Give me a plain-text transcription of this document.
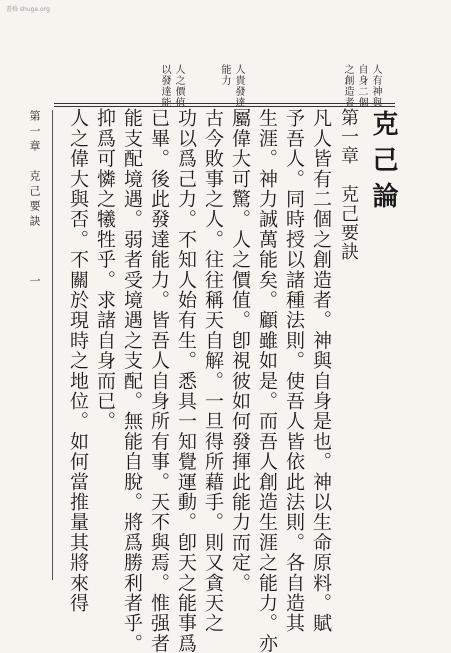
書格 shuge.org
人有神與
自身二個
之創造者
人貴發達
能力
人之價值
以發達能
克己論
第一章　克己要訣
凡人皆有二個之創造者。神與自身是也。神以生命原料。賦
予吾人。同時授以諸種法則。使吾人皆依此法則。各自造其
生涯。神力誠萬能矣。顧雖如是。而吾人創造生涯之能力。亦
屬偉大可驚。人之價值。卽視彼如何發揮此能力而定。
古今敗事之人。往往稱天自解。一旦得所藉手。則又貪天之
功以爲己力。不知人始有生。悉具一知覺運動。卽天之能事爲
已畢。後此發達能力。皆吾人自身所有事。天不與焉。惟强者
能支配境遇。弱者受境遇之支配。無能自脫。將爲勝利者乎。
抑爲可憐之犧牲乎。求諸自身而已。
人之偉大與否。不關於現時之地位。如何當推量其將來得
第一章　克己要訣　　　一
